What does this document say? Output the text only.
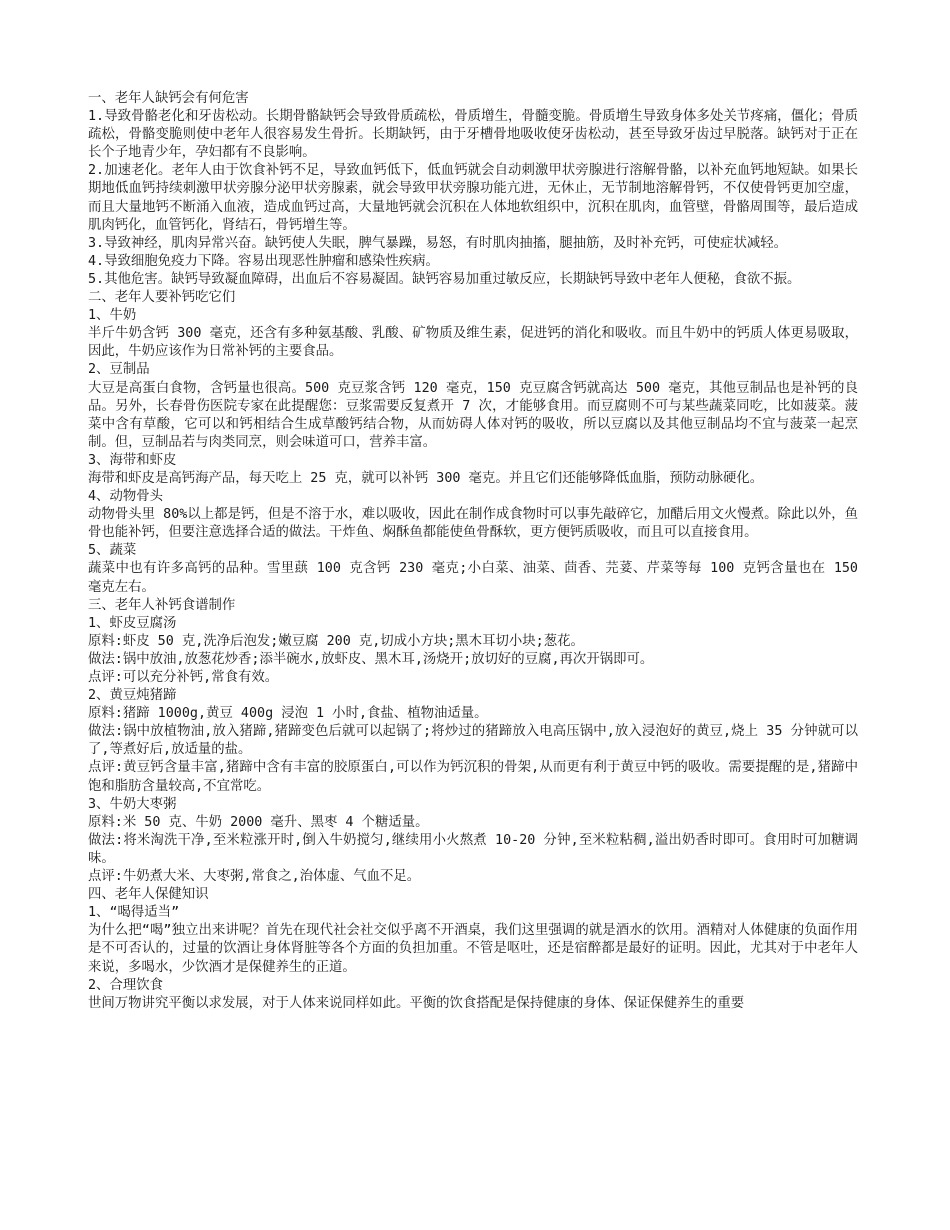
一、老年人缺钙会有何危害

1.导致骨骼老化和牙齿松动。长期骨骼缺钙会导致骨质疏松，骨质增生，骨髓变脆。骨质增生导致身体多处关节疼痛，僵化；骨质疏松，骨骼变脆则使中老年人很容易发生骨折。长期缺钙，由于牙槽骨地吸收使牙齿松动，甚至导致牙齿过早脱落。缺钙对于正在长个子地青少年，孕妇都有不良影响。

2.加速老化。老年人由于饮食补钙不足，导致血钙低下，低血钙就会自动刺激甲状旁腺进行溶解骨骼，以补充血钙地短缺。如果长期地低血钙持续刺激甲状旁腺分泌甲状旁腺素，就会导致甲状旁腺功能亢进，无休止，无节制地溶解骨钙，不仅使骨钙更加空虚，而且大量地钙不断涌入血液，造成血钙过高，大量地钙就会沉积在人体地软组织中，沉积在肌肉，血管壁，骨骼周围等，最后造成肌肉钙化，血管钙化，肾结石，骨钙增生等。

3.导致神经，肌肉异常兴奋。缺钙使人失眠，脾气暴躁，易怒，有时肌肉抽搐，腿抽筋，及时补充钙，可使症状减轻。

4.导致细胞免疫力下降。容易出现恶性肿瘤和感染性疾病。

5.其他危害。缺钙导致凝血障碍，出血后不容易凝固。缺钙容易加重过敏反应，长期缺钙导致中老年人便秘，食欲不振。

二、老年人要补钙吃它们

1、牛奶

半斤牛奶含钙 300 毫克，还含有多种氨基酸、乳酸、矿物质及维生素，促进钙的消化和吸收。而且牛奶中的钙质人体更易吸取，因此，牛奶应该作为日常补钙的主要食品。

2、豆制品

大豆是高蛋白食物，含钙量也很高。500 克豆浆含钙 120 毫克，150 克豆腐含钙就高达 500 毫克，其他豆制品也是补钙的良品。另外，长春骨伤医院专家在此提醒您：豆浆需要反复煮开 7 次，才能够食用。而豆腐则不可与某些蔬菜同吃，比如菠菜。菠菜中含有草酸，它可以和钙相结合生成草酸钙结合物，从而妨碍人体对钙的吸收，所以豆腐以及其他豆制品均不宜与菠菜一起烹制。但，豆制品若与肉类同烹，则会味道可口，营养丰富。

3、海带和虾皮

海带和虾皮是高钙海产品，每天吃上 25 克，就可以补钙 300 毫克。并且它们还能够降低血脂，预防动脉硬化。

4、动物骨头

动物骨头里 80%以上都是钙，但是不溶于水，难以吸收，因此在制作成食物时可以事先敲碎它，加醋后用文火慢煮。除此以外，鱼骨也能补钙，但要注意选择合适的做法。干炸鱼、焖酥鱼都能使鱼骨酥软，更方便钙质吸收，而且可以直接食用。

5、蔬菜

蔬菜中也有许多高钙的品种。雪里蕻 100 克含钙 230 毫克;小白菜、油菜、茴香、芫荽、芹菜等每 100 克钙含量也在 150 毫克左右。

三、老年人补钙食谱制作

1、虾皮豆腐汤

原料:虾皮 50 克,洗净后泡发;嫩豆腐 200 克,切成小方块;黑木耳切小块;葱花。

做法:锅中放油,放葱花炒香;添半碗水,放虾皮、黑木耳,汤烧开;放切好的豆腐,再次开锅即可。

点评:可以充分补钙,常食有效。

2、黄豆炖猪蹄

原料:猪蹄 1000g,黄豆 400g 浸泡 1 小时,食盐、植物油适量。

做法:锅中放植物油,放入猪蹄,猪蹄变色后就可以起锅了;将炒过的猪蹄放入电高压锅中,放入浸泡好的黄豆,烧上 35 分钟就可以了,等煮好后,放适量的盐。

点评:黄豆钙含量丰富,猪蹄中含有丰富的胶原蛋白,可以作为钙沉积的骨架,从而更有利于黄豆中钙的吸收。需要提醒的是,猪蹄中饱和脂肪含量较高,不宜常吃。

3、牛奶大枣粥

原料:米 50 克、牛奶 2000 毫升、黑枣 4 个糖适量。

做法:将米淘洗干净,至米粒涨开时,倒入牛奶搅匀,继续用小火熬煮 10-20 分钟,至米粒粘稠,溢出奶香时即可。食用时可加糖调味。

点评:牛奶煮大米、大枣粥,常食之,治体虚、气血不足。

四、老年人保健知识

1、“喝得适当”

为什么把“喝”独立出来讲呢？首先在现代社会社交似乎离不开酒桌，我们这里强调的就是酒水的饮用。酒精对人体健康的负面作用是不可否认的，过量的饮酒让身体肾脏等各个方面的负担加重。不管是呕吐，还是宿醉都是最好的证明。因此，尤其对于中老年人来说，多喝水，少饮酒才是保健养生的正道。

2、合理饮食

世间万物讲究平衡以求发展，对于人体来说同样如此。平衡的饮食搭配是保持健康的身体、保证保健养生的重要
